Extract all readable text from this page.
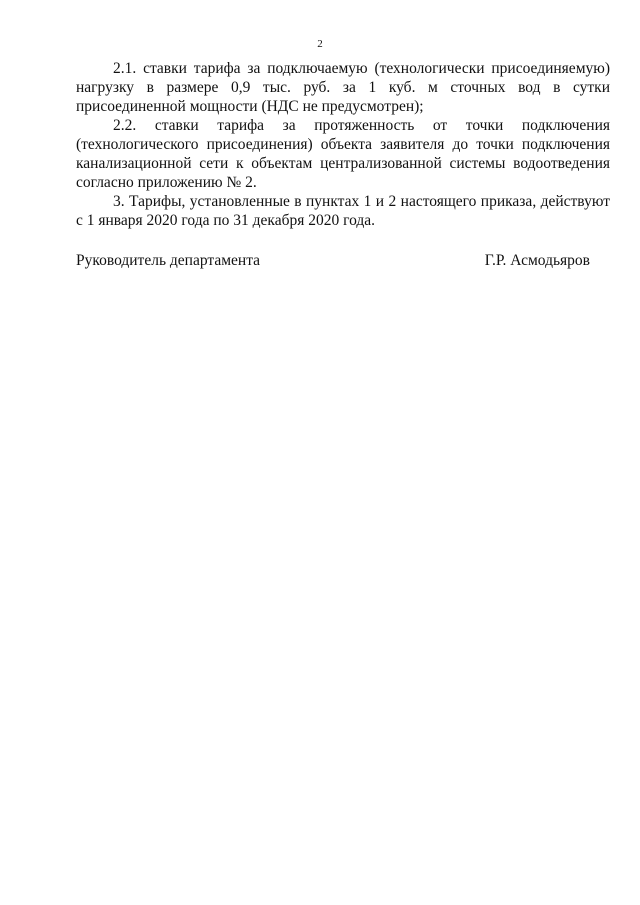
2

2.1. ставки тарифа за подключаемую (технологически присоединяемую) нагрузку в размере 0,9 тыс. руб. за 1 куб. м сточных вод в сутки присоединенной мощности (НДС не предусмотрен);

2.2. ставки тарифа за протяженность от точки подключения (технологического присоединения) объекта заявителя до точки подключения канализационной сети к объектам централизованной системы водоотведения согласно приложению № 2.

3. Тарифы, установленные в пунктах 1 и 2 настоящего приказа, действуют с 1 января 2020 года по 31 декабря 2020 года.

Руководитель департамента	Г.Р. Асмодьяров
